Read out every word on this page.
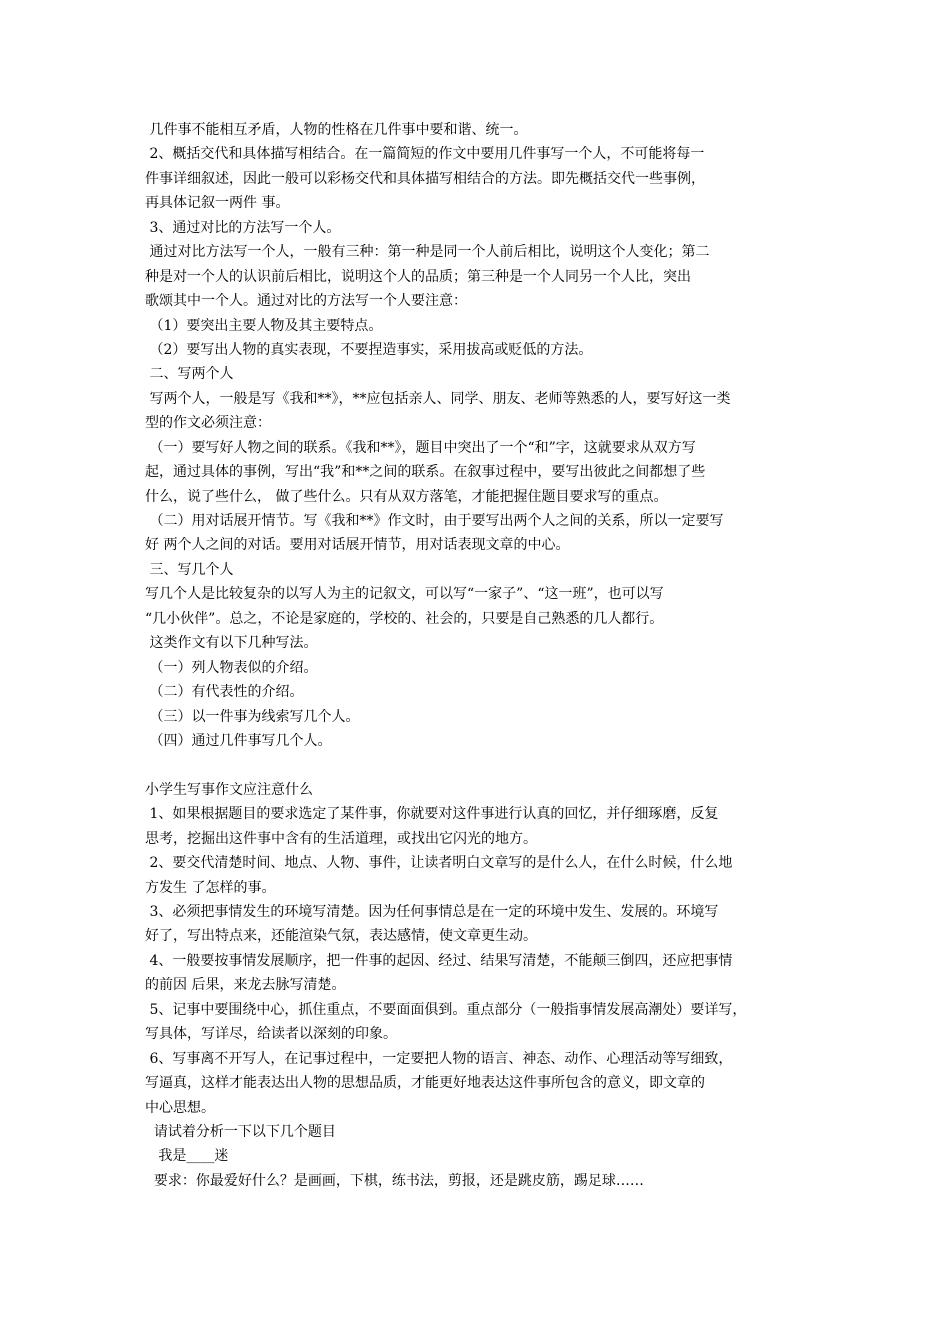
几件事不能相互矛盾，人物的性格在几件事中要和谐、统一。
2、概括交代和具体描写相结合。在一篇简短的作文中要用几件事写一个人，不可能将每一
件事详细叙述，因此一般可以彩杨交代和具体描写相结合的方法。即先概括交代一些事例，
再具体记叙一两件 事。
3、通过对比的方法写一个人。
通过对比方法写一个人，一般有三种：第一种是同一个人前后相比，说明这个人变化；第二
种是对一个人的认识前后相比，说明这个人的品质；第三种是一个人同另一个人比，突出
歌颂其中一个人。通过对比的方法写一个人要注意：
（1）要突出主要人物及其主要特点。
（2）要写出人物的真实表现，不要捏造事实，采用拔高或贬低的方法。
二、写两个人
写两个人，一般是写《我和**》，**应包括亲人、同学、朋友、老师等熟悉的人，要写好这一类
型的作文必须注意：
（一）要写好人物之间的联系。《我和**》，题目中突出了一个“和”字，这就要求从双方写
起，通过具体的事例，写出“我”和**之间的联系。在叙事过程中，要写出彼此之间都想了些
什么，说了些什么， 做了些什么。只有从双方落笔，才能把握住题目要求写的重点。
（二）用对话展开情节。写《我和**》作文时，由于要写出两个人之间的关系，所以一定要写
好 两个人之间的对话。要用对话展开情节，用对话表现文章的中心。
三、写几个人
写几个人是比较复杂的以写人为主的记叙文，可以写“一家子”、“这一班”，也可以写
“几小伙伴”。总之，不论是家庭的，学校的、社会的，只要是自己熟悉的几人都行。
这类作文有以下几种写法。
（一）列人物表似的介绍。
（二）有代表性的介绍。
（三）以一件事为线索写几个人。
（四）通过几件事写几个人。
小学生写事作文应注意什么
1、如果根据题目的要求选定了某件事，你就要对这件事进行认真的回忆，并仔细琢磨，反复
思考，挖掘出这件事中含有的生活道理，或找出它闪光的地方。
2、要交代清楚时间、地点、人物、事件，让读者明白文章写的是什么人，在什么时候，什么地
方发生 了怎样的事。
3、必须把事情发生的环境写清楚。因为任何事情总是在一定的环境中发生、发展的。环境写
好了，写出特点来，还能渲染气氛，表达感情，使文章更生动。
4、一般要按事情发展顺序，把一件事的起因、经过、结果写清楚，不能颠三倒四，还应把事情
的前因 后果，来龙去脉写清楚。
5、记事中要围绕中心，抓住重点，不要面面俱到。重点部分（一般指事情发展高潮处）要详写，
写具体，写详尽，给读者以深刻的印象。
6、写事离不开写人，在记事过程中，一定要把人物的语言、神态、动作、心理活动等写细致，
写逼真，这样才能表达出人物的思想品质，才能更好地表达这件事所包含的意义，即文章的
中心思想。
请试着分析一下以下几个题目
我是____迷
要求：你最爱好什么？是画画，下棋，练书法，剪报，还是跳皮筋，踢足球……
